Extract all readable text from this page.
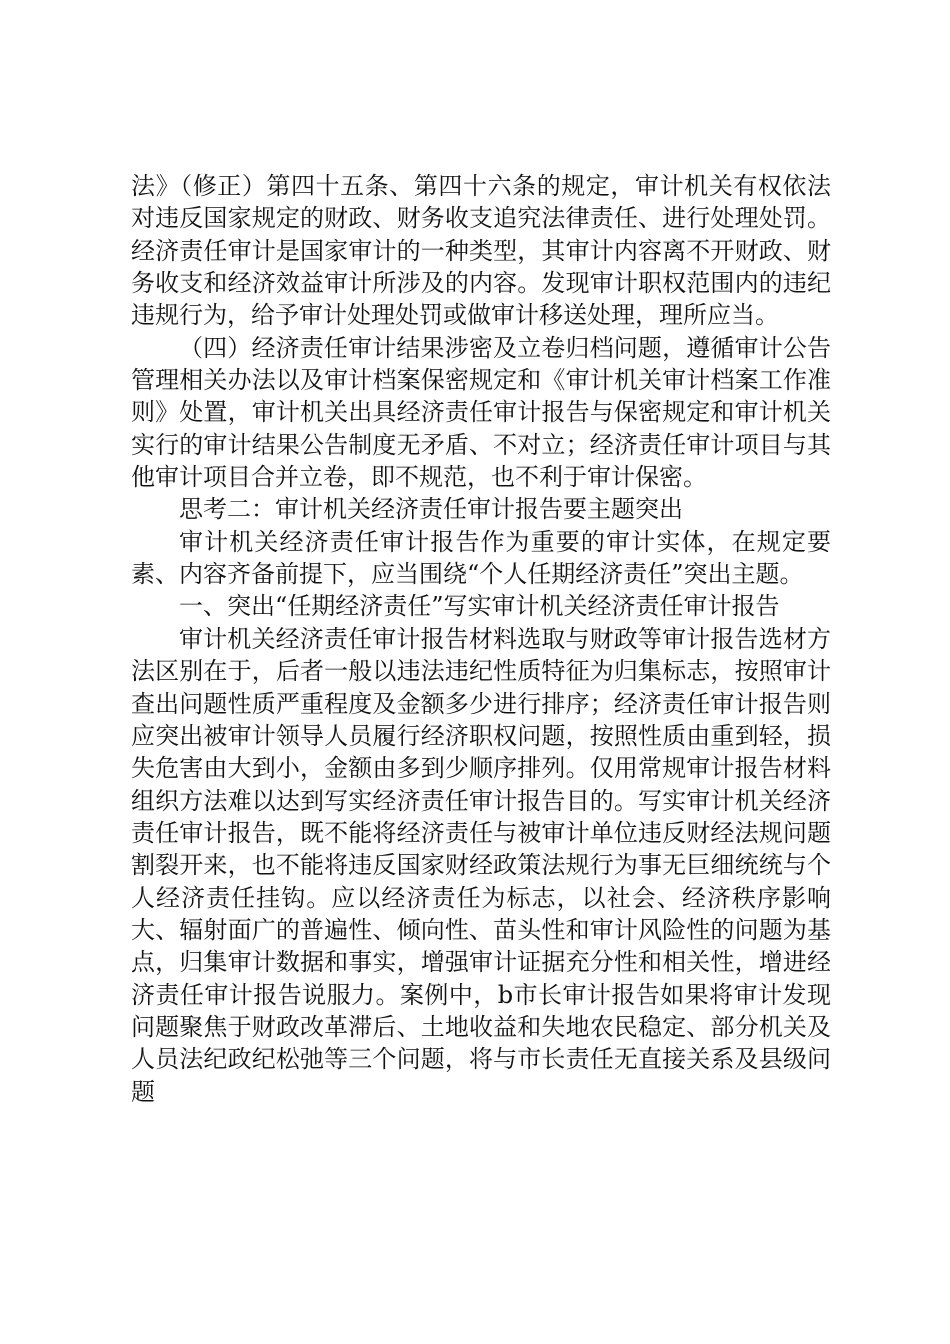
法》（修正）第四十五条、第四十六条的规定，审计机关有权依法对违反国家规定的财政、财务收支追究法律责任、进行处理处罚。经济责任审计是国家审计的一种类型，其审计内容离不开财政、财务收支和经济效益审计所涉及的内容。发现审计职权范围内的违纪违规行为，给予审计处理处罚或做审计移送处理，理所应当。

（四）经济责任审计结果涉密及立卷归档问题，遵循审计公告管理相关办法以及审计档案保密规定和《审计机关审计档案工作准则》处置，审计机关出具经济责任审计报告与保密规定和审计机关实行的审计结果公告制度无矛盾、不对立；经济责任审计项目与其他审计项目合并立卷，即不规范，也不利于审计保密。

思考二：审计机关经济责任审计报告要主题突出

审计机关经济责任审计报告作为重要的审计实体，在规定要素、内容齐备前提下，应当围绕“个人任期经济责任”突出主题。

一、突出“任期经济责任”写实审计机关经济责任审计报告

审计机关经济责任审计报告材料选取与财政等审计报告选材方法区别在于，后者一般以违法违纪性质特征为归集标志，按照审计查出问题性质严重程度及金额多少进行排序；经济责任审计报告则应突出被审计领导人员履行经济职权问题，按照性质由重到轻，损失危害由大到小，金额由多到少顺序排列。仅用常规审计报告材料组织方法难以达到写实经济责任审计报告目的。写实审计机关经济责任审计报告，既不能将经济责任与被审计单位违反财经法规问题割裂开来，也不能将违反国家财经政策法规行为事无巨细统统与个人经济责任挂钩。应以经济责任为标志，以社会、经济秩序影响大、辐射面广的普遍性、倾向性、苗头性和审计风险性的问题为基点，归集审计数据和事实，增强审计证据充分性和相关性，增进经济责任审计报告说服力。案例中，b市长审计报告如果将审计发现问题聚焦于财政改革滞后、土地收益和失地农民稳定、部分机关及人员法纪政纪松弛等三个问题，将与市长责任无直接关系及县级问题
